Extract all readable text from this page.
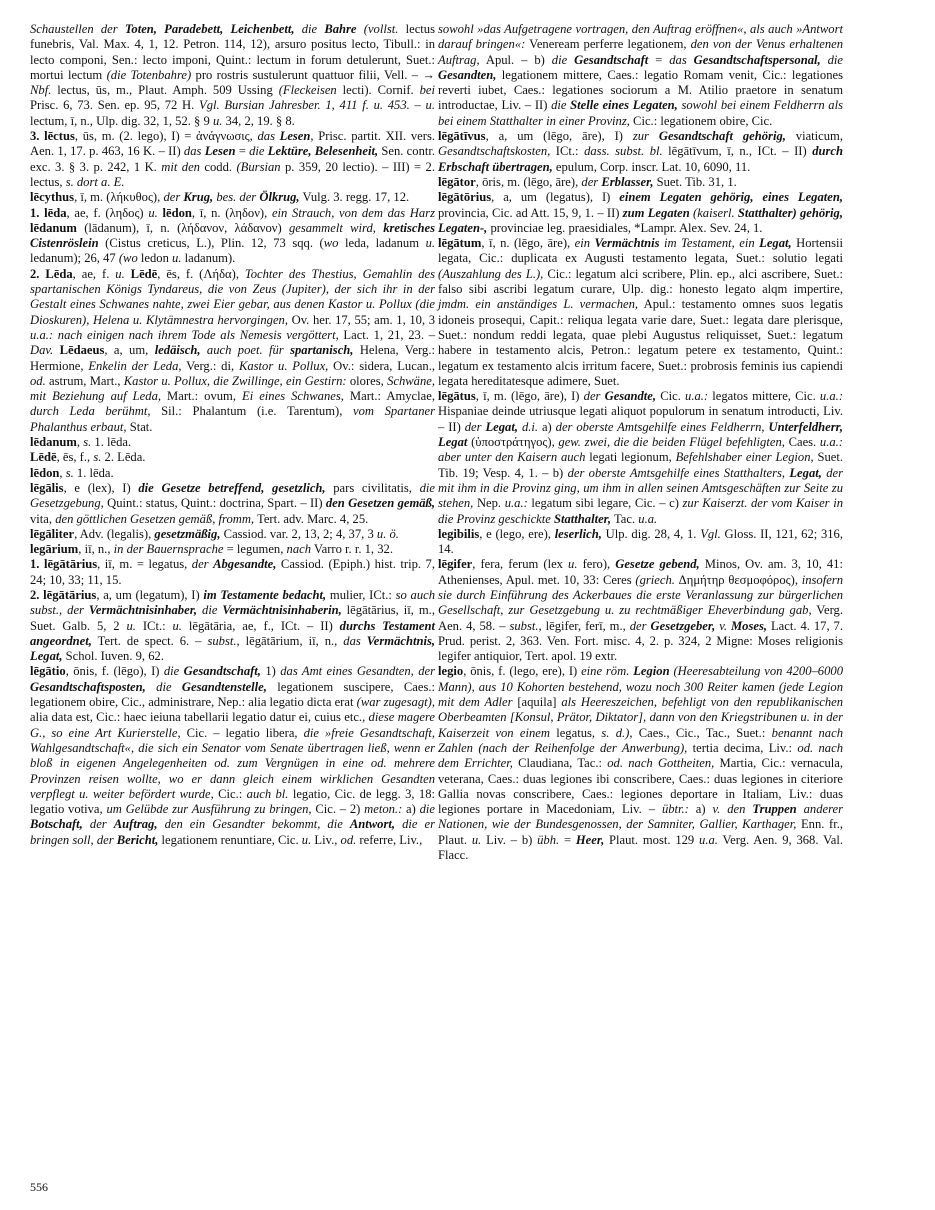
Schaustellen der Toten, Paradebett, Leichenbett, die Bahre (vollst. lectus funebris, Val. Max. 4, 1, 12. Petron. 114, 12), arsuro positus lecto, Tibull.: in lecto componi, Sen.: lecto imponi, Quint.: lectum in forum detulerunt, Suet.: mortui lectum (die Totenbahre) pro rostris sustulerunt quattuor filii, Vell. – → Nbf. lectus, ūs, m., Plaut. Amph. 509 Ussing (Fleckeisen lecti). Cornif. bei Prisc. 6, 73. Sen. ep. 95, 72 H. Vgl. Bursian Jahresber. 1, 411 f. u. 453. – u. lectum, ī, n., Ulp. dig. 32, 1, 52. § 9 u. 34, 2, 19. § 8.

3. lēctus, ūs, m. (2. lego), I) = ἀνάγνωσις, das Lesen, Prisc. partit. XII. vers. Aen. 1, 17. p. 463, 16 K. – II) das Lesen = die Lektüre, Belesenheit, Sen. contr. exc. 3. § 3. p. 242, 1 K. mit den codd. (Bursian p. 359, 20 lectio). – III) = 2. lectus, s. dort a. E.

lēcythus, ī, m. (λήκυθος), der Krug, bes. der Ölkrug, Vulg. 3. regg. 17, 12.

1. lēda, ae, f. (ληδος) u. lēdon, ī, n. (ληδον), ein Strauch, von dem das Harz lēdanum (lādanum), ī, n. (λήδανον, λάδανον) gesammelt wird, kretisches Cistenröslein (Cistus creticus, L.), Plin. 12, 73 sqq. (wo leda, ladanum u. ledanum); 26, 47 (wo ledon u. ladanum).

2. Lēda, ae, f. u. Lēdē, ēs, f. (Λήδα), Tochter des Thestius, Gemahlin des spartanischen Königs Tyndareus, die von Zeus (Jupiter), der sich ihr in der Gestalt eines Schwanes nahte, zwei Eier gebar, aus denen Kastor u. Pollux (die Dioskuren), Helena u. Klytämnestra hervorgingen, Ov. her. 17, 55; am. 1, 10, 3 u.a.: nach einigen nach ihrem Tode als Nemesis vergöttert, Lact. 1, 21, 23. – Dav. Lēdaeus, a, um, ledäisch, auch poet. für spartanisch, Helena, Verg.: Hermione, Enkelin der Leda, Verg.: di, Kastor u. Pollux, Ov.: sidera, Lucan., od. astrum, Mart., Kastor u. Pollux, die Zwillinge, ein Gestirn: olores, Schwäne, mit Beziehung auf Leda, Mart.: ovum, Ei eines Schwanes, Mart.: Amyclae, durch Leda berühmt, Sil.: Phalantum (i.e. Tarentum), vom Spartaner Phalanthus erbaut, Stat.

lēdanum, s. 1. lēda.

Lēdē, ēs, f., s. 2. Lēda.

lēdon, s. 1. lēda.

lēgālis, e (lex), I) die Gesetze betreffend, gesetzlich, pars civilitatis, die Gesetzgebung, Quint.: status, Quint.: doctrina, Spart. – II) den Gesetzen gemäß, vita, den göttlichen Gesetzen gemäß, fromm, Tert. adv. Marc. 4, 25.

lēgāliter, Adv. (legalis), gesetzmäßig, Cassiod. var. 2, 13, 2; 4, 37, 3 u. ö.

legārium, iī, n., in der Bauernsprache = legumen, nach Varro r. r. 1, 32.

1. lēgātārius, iī, m. = legatus, der Abgesandte, Cassiod. (Epiph.) hist. trip. 7, 24; 10, 33; 11, 15.

2. lēgātārius, a, um (legatum), I) im Testamente bedacht, mulier, ICt.: so auch subst., der Vermächtnisinhaber, die Vermächtnisinhaberin, lēgātārius, iī, m., Suet. Galb. 5, 2 u. ICt.: u. lēgātāria, ae, f., ICt. – II) durchs Testament angeordnet, Tert. de spect. 6. – subst., lēgātārium, iī, n., das Vermächtnis, Legat, Schol. Iuven. 9, 62.

lēgātio, ōnis, f. (lēgo), I) die Gesandtschaft, 1) das Amt eines Gesandten, der Gesandtschaftsposten, die Gesandtenstelle, legationem suscipere, Caes.: legationem obire, Cic., administrare, Nep.: alia legatio dicta erat (war zugesagt), alia data est, Cic.: haec ieiuna tabellarii legatio datur ei, cuius etc., diese magere G., so eine Art Kurierstelle, Cic. – legatio libera, die »freie Gesandtschaft, Wahlgesandtschaft«, die sich ein Senator vom Senate übertragen ließ, wenn er bloß in eigenen Angelegenheiten od. zum Vergnügen in eine od. mehrere Provinzen reisen wollte, wo er dann gleich einem wirklichen Gesandten verpflegt u. weiter befördert wurde, Cic.: auch bl. legatio, Cic. de legg. 3, 18: legatio votiva, um Gelübde zur Ausführung zu bringen, Cic. – 2) meton.: a) die Botschaft, der Auftrag, den ein Gesandter bekommt, die Antwort, die er bringen soll, der Bericht, legationem renuntiare, Cic. u. Liv., od. referre, Liv.,

sowohl »das Aufgetragene vortragen, den Auftrag eröffnen«, als auch »Antwort darauf bringen«: Veneream perferre legationem, den von der Venus erhaltenen Auftrag, Apul. – b) die Gesandtschaft = das Gesandtschaftspersonal, die Gesandten, legationem mittere, Caes.: legatio Romam venit, Cic.: legationes reverti iubet, Caes.: legationes sociorum a M. Atilio praetore in senatum introductae, Liv. – II) die Stelle eines Legaten, sowohl bei einem Feldherrn als bei einem Statthalter in einer Provinz, Cic.: legationem obire, Cic.

lēgātīvus, a, um (lēgo, āre), I) zur Gesandtschaft gehörig, viaticum, Gesandtschaftskosten, ICt.: dass. subst. bl. lēgātīvum, ī, n., ICt. – II) durch Erbschaft übertragen, epulum, Corp. inscr. Lat. 10, 6090, 11.

lēgātor, ōris, m. (lēgo, āre), der Erblasser, Suet. Tib. 31, 1.

lēgātōrius, a, um (legatus), I) einem Legaten gehörig, eines Legaten, provincia, Cic. ad Att. 15, 9, 1. – II) zum Legaten (kaiserl. Statthalter) gehörig, Legaten-, provinciae leg. praesidiales, *Lampr. Alex. Sev. 24, 1.

lēgātum, ī, n. (lēgo, āre), ein Vermächtnis im Testament, ein Legat, Hortensii legata, Cic.: duplicata ex Augusti testamento legata, Suet.: solutio legati (Auszahlung des L.), Cic.: legatum alci scribere, Plin. ep., alci ascribere, Suet.: falso sibi ascribi legatum curare, Ulp. dig.: honesto legato alqm impertire, jmdm. ein anständiges L. vermachen, Apul.: testamento omnes suos legatis idoneis prosequi, Capit.: reliqua legata varie dare, Suet.: legata dare plerisque, Suet.: nondum reddi legata, quae plebi Augustus reliquisset, Suet.: legatum habere in testamento alcis, Petron.: legatum petere ex testamento, Quint.: legatum ex testamento alcis irritum facere, Suet.: probrosis feminis ius capiendi legata hereditatesque adimere, Suet.

lēgātus, ī, m. (lēgo, āre), I) der Gesandte, Cic. u.a.: legatos mittere, Cic. u.a.: Hispaniae deinde utriusque legati aliquot populorum in senatum introducti, Liv. – II) der Legat, d.i. a) der oberste Amtsgehilfe eines Feldherrn, Unterfeldherr, Legat (ὑποστράτηγος), gew. zwei, die die beiden Flügel befehligten, Caes. u.a.: aber unter den Kaisern auch legati legionum, Befehlshaber einer Legion, Suet. Tib. 19; Vesp. 4, 1. – b) der oberste Amtsgehilfe eines Statthalters, Legat, der mit ihm in die Provinz ging, um ihm in allen seinen Amtsgeschäften zur Seite zu stehen, Nep. u.a.: legatum sibi legare, Cic. – c) zur Kaiserzt. der vom Kaiser in die Provinz geschickte Statthalter, Tac. u.a.

legibilis, e (lego, ere), leserlich, Ulp. dig. 28, 4, 1. Vgl. Gloss. II, 121, 62; 316, 14.

lēgifer, fera, ferum (lex u. fero), Gesetze gebend, Minos, Ov. am. 3, 10, 41: Athenienses, Apul. met. 10, 33: Ceres (griech. Δημήτηρ θεσμοφόρος), insofern sie durch Einführung des Ackerbaues die erste Veranlassung zur bürgerlichen Gesellschaft, zur Gesetzgebung u. zu rechtmäßiger Eheverbindung gab, Verg. Aen. 4, 58. – subst., lēgifer, ferī, m., der Gesetzgeber, v. Moses, Lact. 4. 17, 7. Prud. perist. 2, 363. Ven. Fort. misc. 4, 2. p. 324, 2 Migne: Moses religionis legifer antiquior, Tert. apol. 19 extr.

legio, ōnis, f. (lego, ere), I) eine röm. Legion (Heeresabteilung von 4200–6000 Mann), aus 10 Kohorten bestehend, wozu noch 300 Reiter kamen (jede Legion mit dem Adler [aquila] als Heereszeichen, befehligt von den republikanischen Oberbeamten [Konsul, Prätor, Diktator], dann von den Kriegstribunen u. in der Kaiserzeit von einem legatus, s. d.), Caes., Cic., Tac., Suet.: benannt nach Zahlen (nach der Reihenfolge der Anwerbung), tertia decima, Liv.: od. nach dem Errichter, Claudiana, Tac.: od. nach Gottheiten, Martia, Cic.: vernacula, veterana, Caes.: duas legiones ibi conscribere, Caes.: duas legiones in citeriore Gallia novas conscribere, Caes.: legiones deportare in Italiam, Liv.: duas legiones portare in Macedoniam, Liv. – übtr.: a) v. den Truppen anderer Nationen, wie der Bundesgenossen, der Samniter, Gallier, Karthager, Enn. fr., Plaut. u. Liv. – b) übh. = Heer, Plaut. most. 129 u.a. Verg. Aen. 9, 368. Val. Flacc.

556
